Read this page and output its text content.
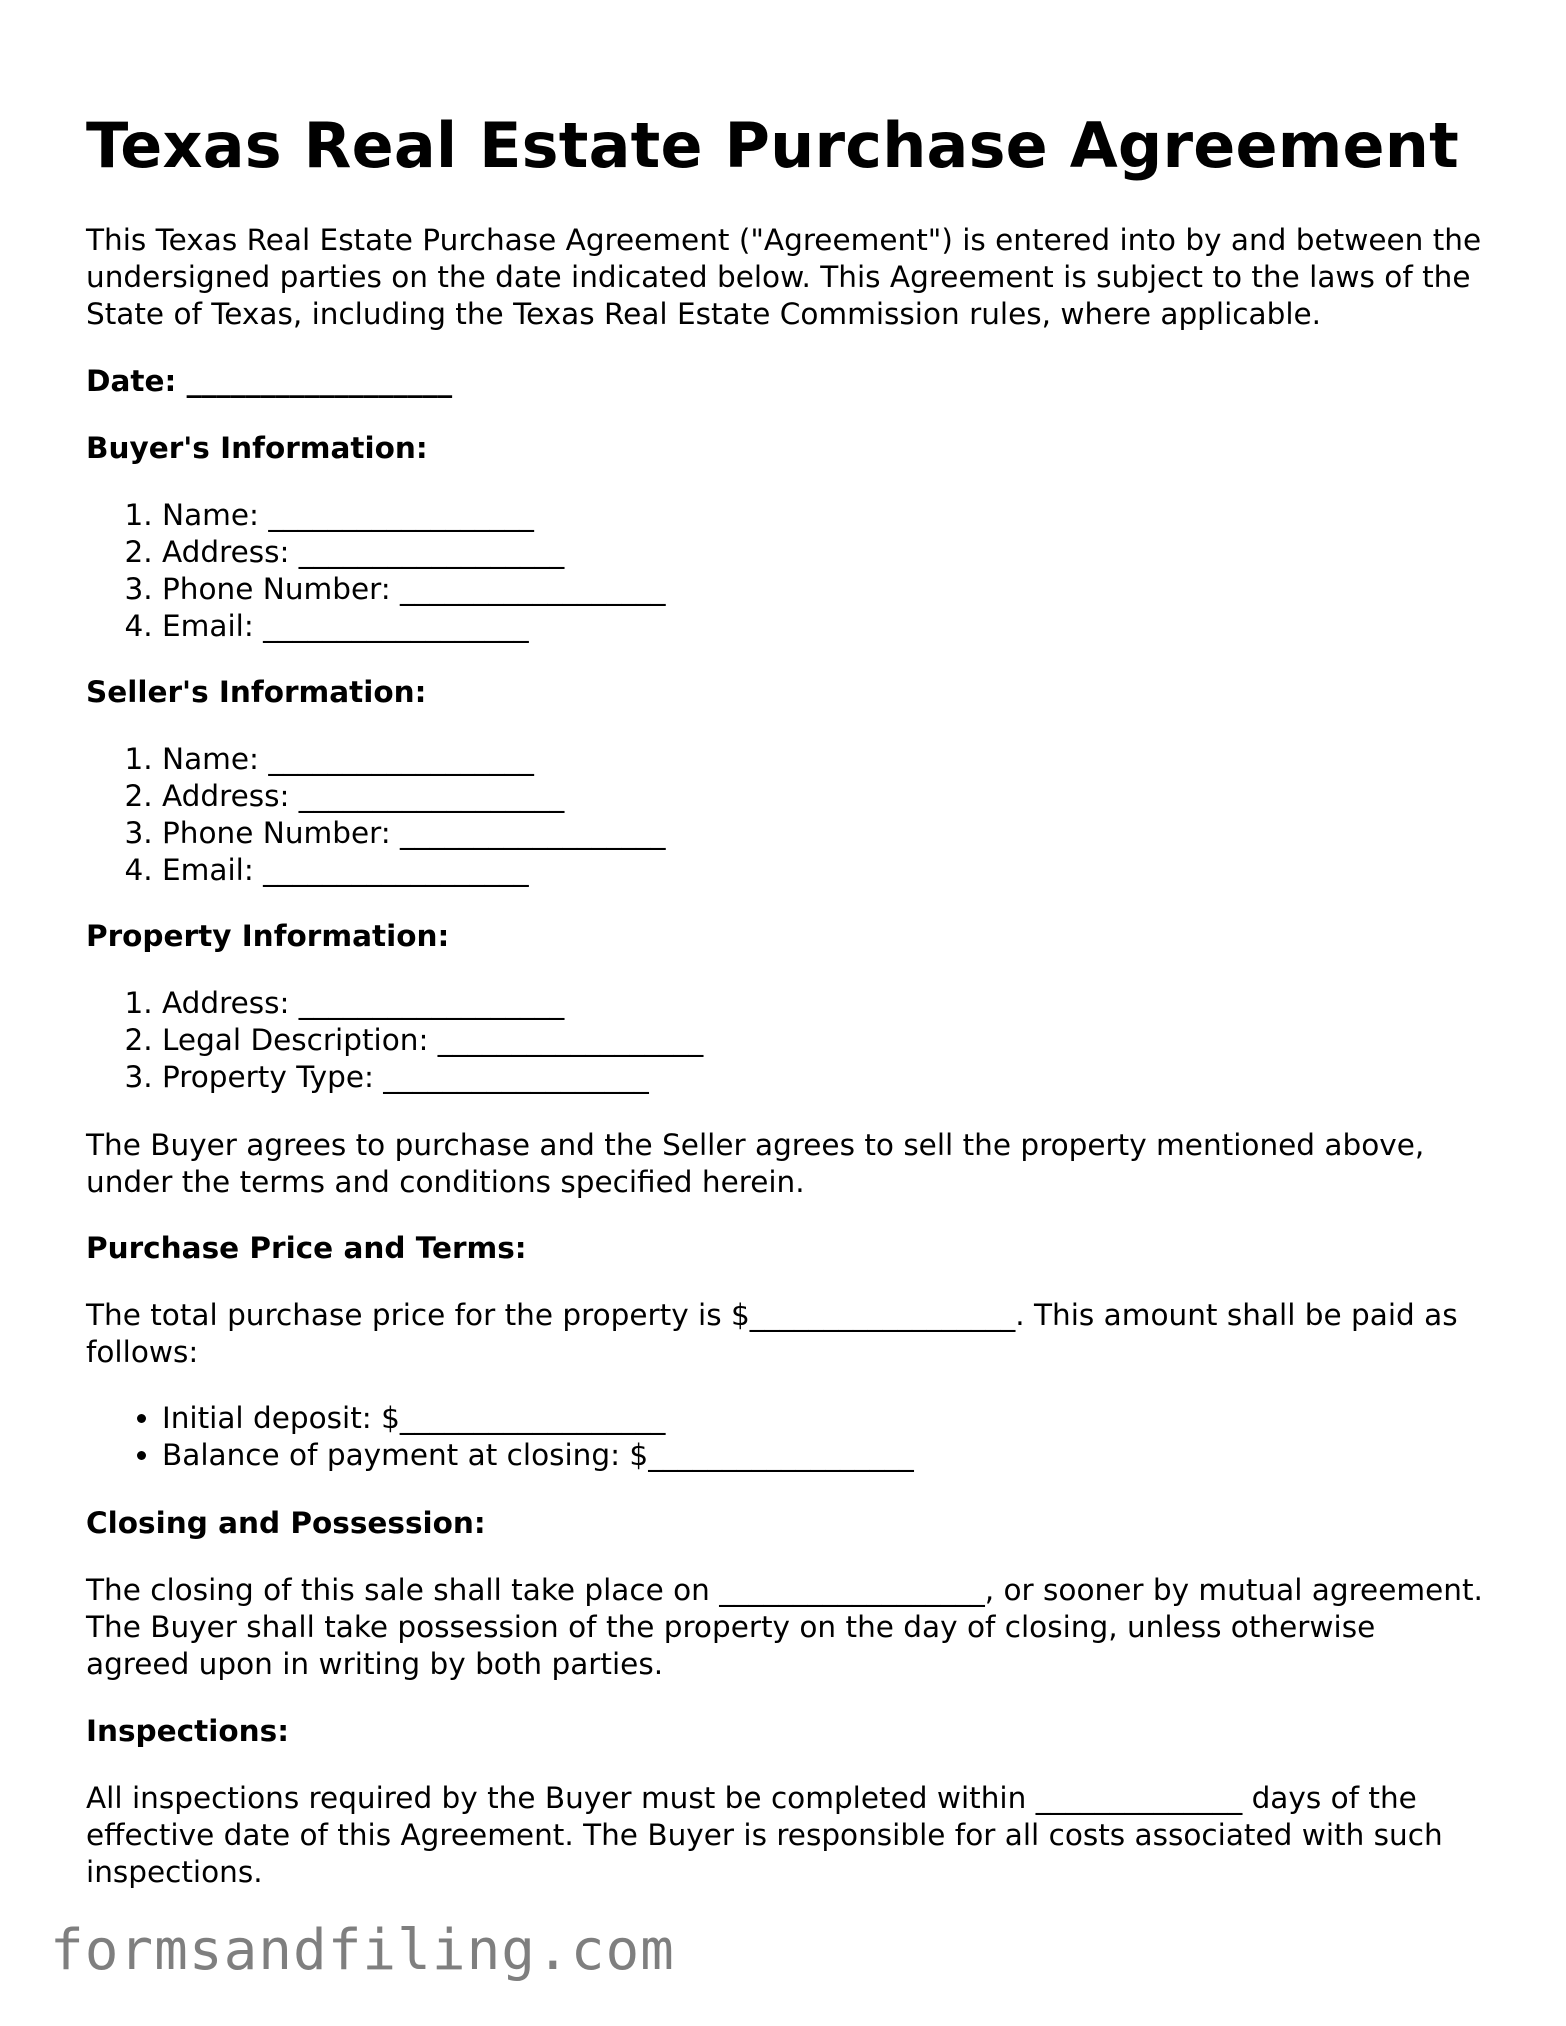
Texas Real Estate Purchase Agreement

This Texas Real Estate Purchase Agreement ("Agreement") is entered into by and between the undersigned parties on the date indicated below. This Agreement is subject to the laws of the State of Texas, including the Texas Real Estate Commission rules, where applicable.

Date: __________________

Buyer's Information:

1. Name: __________________
2. Address: __________________
3. Phone Number: __________________
4. Email: __________________

Seller's Information:

1. Name: __________________
2. Address: __________________
3. Phone Number: __________________
4. Email: __________________

Property Information:

1. Address: __________________
2. Legal Description: __________________
3. Property Type: __________________

The Buyer agrees to purchase and the Seller agrees to sell the property mentioned above, under the terms and conditions specified herein.

Purchase Price and Terms:

The total purchase price for the property is $__________________. This amount shall be paid as follows:

• Initial deposit: $__________________
• Balance of payment at closing: $__________________

Closing and Possession:

The closing of this sale shall take place on __________________, or sooner by mutual agreement. The Buyer shall take possession of the property on the day of closing, unless otherwise agreed upon in writing by both parties.

Inspections:

All inspections required by the Buyer must be completed within ______________ days of the effective date of this Agreement. The Buyer is responsible for all costs associated with such inspections.

formsandfiling.com
